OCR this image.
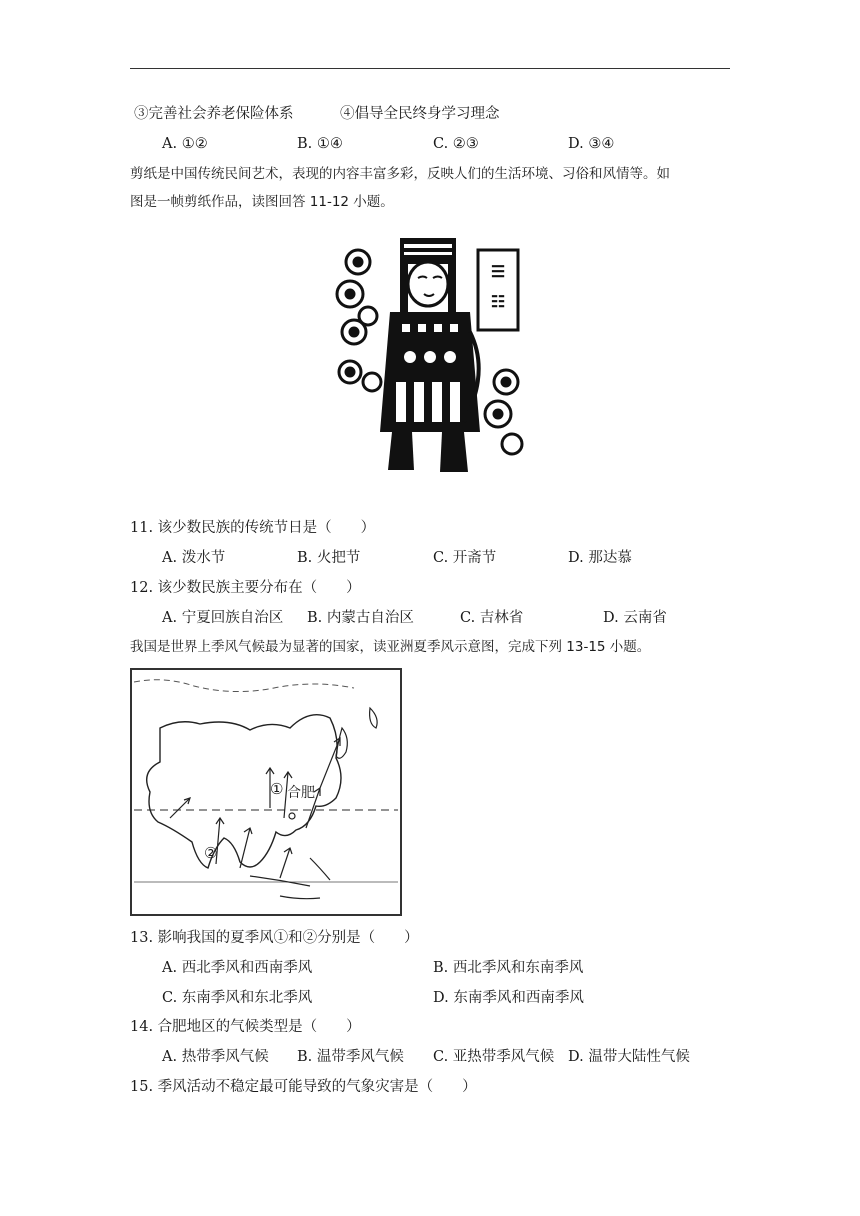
③完善社会养老保险体系	④倡导全民终身学习理念
A. ①②	B. ①④	C. ②③	D. ③④
剪纸是中国传统民间艺术，表现的内容丰富多彩，反映人们的生活环境、习俗和风情等。如
图是一帧剪纸作品，读图回答 11-12 小题。
☰
☷
11. 该少数民族的传统节日是（　　）
A. 泼水节	B. 火把节	C. 开斋节	D. 那达慕
12. 该少数民族主要分布在（　　）
A. 宁夏回族自治区 B. 内蒙古自治区	C. 吉林省	D. 云南省
我国是世界上季风气候最为显著的国家，读亚洲夏季风示意图，完成下列 13-15 小题。
① 合肥
②
13. 影响我国的夏季风①和②分别是（　　）
A. 西北季风和西南季风	B. 西北季风和东南季风
C. 东南季风和东北季风	D. 东南季风和西南季风
14. 合肥地区的气候类型是（　　）
A. 热带季风气候 B. 温带季风气候 C. 亚热带季风气候 D. 温带大陆性气候
15. 季风活动不稳定最可能导致的气象灾害是（　　）
